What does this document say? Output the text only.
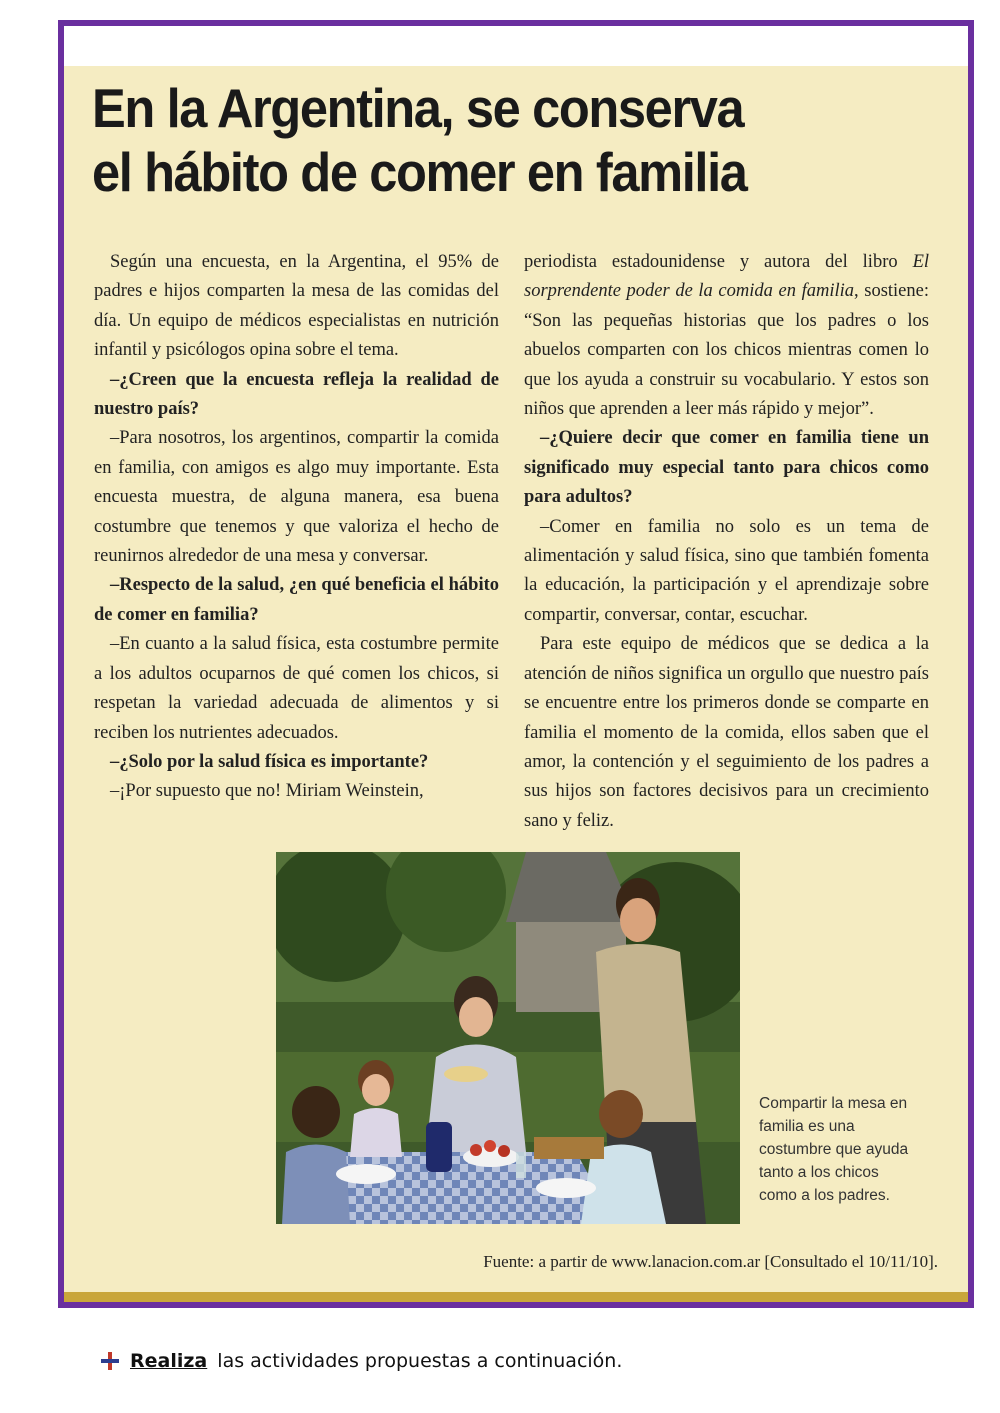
En la Argentina, se conserva
el hábito de comer en familia

Según una encuesta, en la Argentina, el 95% de padres e hijos comparten la mesa de las comidas del día. Un equipo de médicos especialistas en nutrición infantil y psicólogos opina sobre el tema.

–¿Creen que la encuesta refleja la realidad de nuestro país?

–Para nosotros, los argentinos, compartir la comida en familia, con amigos es algo muy importante. Esta encuesta muestra, de alguna manera, esa buena costumbre que tenemos y que valoriza el hecho de reunirnos alrededor de una mesa y conversar.

–Respecto de la salud, ¿en qué beneficia el hábito de comer en familia?

–En cuanto a la salud física, esta costumbre permite a los adultos ocuparnos de qué comen los chicos, si respetan la variedad adecuada de alimentos y si reciben los nutrientes adecuados.

–¿Solo por la salud física es importante?

–¡Por supuesto que no! Miriam Weinstein,

periodista estadounidense y autora del libro El sorprendente poder de la comida en familia, sostiene: “Son las pequeñas historias que los padres o los abuelos comparten con los chicos mientras comen lo que los ayuda a construir su vocabulario. Y estos son niños que aprenden a leer más rápido y mejor”.

–¿Quiere decir que comer en familia tiene un significado muy especial tanto para chicos como para adultos?

–Comer en familia no solo es un tema de alimentación y salud física, sino que también fomenta la educación, la participación y el aprendizaje sobre compartir, conversar, contar, escuchar.

Para este equipo de médicos que se dedica a la atención de niños significa un orgullo que nuestro país se encuentre entre los primeros donde se comparte en familia el momento de la comida, ellos saben que el amor, la contención y el seguimiento de los padres a sus hijos son factores decisivos para un crecimiento sano y feliz.

Compartir la mesa en familia es una costumbre que ayuda tanto a los chicos como a los padres.
Fuente: a partir de www.lanacion.com.ar [Consultado el 10/11/10].
Realiza las actividades propuestas a continuación.
